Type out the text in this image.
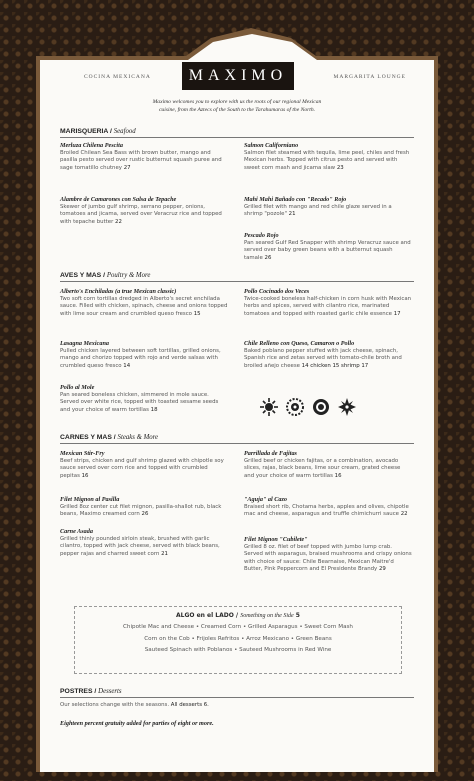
COCINA MEXICANA	MAXIMO	MARGARITA LOUNGE
Maximo welcomes you to explore with us the roots of our regional Mexican
cuisine, from the Aztecs of the South to the Tarahumaras of the North.
MARISQUERIA / Seafood
Merluza Chilena Pescita
Broiled Chilean Sea Bass with brown butter, mango and pasilla pesto served over rustic butternut squash puree and sage tomatillo chutney 27
Alambre de Camarones con Salsa de Tepache
Skewer of jumbo gulf shrimp, serrano pepper, onions, tomatoes and jicama, served over Veracruz rice and topped with tepache butter 22
Salmon Californiano
Salmon filet steamed with tequila, lime peel, chiles and fresh Mexican herbs. Topped with citrus pesto and served with sweet corn mash and jicama slaw 23
Mahi Mahi Bañado con "Recado" Rojo
Grilled filet with mango and red chile glaze served in a shrimp "pozole" 21
Pescado Rojo
Pan seared Gulf Red Snapper with shrimp Veracruz sauce and served over baby green beans with a butternut squash tamale 26
AVES Y MAS / Poultry & More
Alberto's Enchiladas (a true Mexican classic)
Two soft corn tortillas dredged in Alberto's secret enchilada sauce. Filled with chicken, spinach, cheese and onions topped with lime sour cream and crumbled queso fresco 15
Lasagna Mexicana
Pulled chicken layered between soft tortillas, grilled onions, mango and chorizo topped with rojo and verde salsas with crumbled queso fresco 14
Pollo al Mole
Pan seared boneless chicken, simmered in mole sauce. Served over white rice, topped with toasted sesame seeds and your choice of warm tortillas 18
Pollo Cocinado dos Veces
Twice-cooked boneless half-chicken in corn husk with Mexican herbs and spices, served with cilantro rice, marinated tomatoes and topped with roasted garlic chile essence 17
Chile Relleno con Queso, Camaron o Pollo
Baked poblano pepper stuffed with jack cheese, spinach, Spanish rice and zetas served with tomato-chile broth and broiled añejo cheese 14 chicken 15 shrimp 17
CARNES Y MAS / Steaks & More
Mexican Stir-Fry
Beef strips, chicken and gulf shrimp glazed with chipotle soy sauce served over corn rice and topped with crumbled pepitas 16
Filet Mignon al Pasilla
Grilled 8oz center cut filet mignon, pasilla-shallot rub, black beans, Maximo creamed corn 26
Carne Asada
Grilled thinly pounded sirloin steak, brushed with garlic cilantro, topped with jack cheese, served with black beans, pepper rajas and charred sweet corn 21
Parrillada de Fajitas
Grilled beef or chicken fajitas, or a combination, avocado slices, rajas, black beans, lime sour cream, grated cheese and your choice of warm tortillas 16
"Aguja" al Cazo
Braised short rib, Chotama herbs, apples and olives, chipotle mac and cheese, asparagus and truffle chimichurri sauce 22
Filet Mignon "Cubilete"
Grilled 8 oz. filet of beef topped with jumbo lump crab. Served with asparagus, braised mushrooms and crispy onions with choice of sauce: Chile Bearnaise, Mexican Maitre'd Butter, Pink Peppercorn and El Presidente Brandy 29
ALGO en el LADO / Something on the Side 5
Chipotle Mac and Cheese • Creamed Corn • Grilled Asparagus • Sweet Corn Mash
Corn on the Cob • Frijoles Refritos • Arroz Mexicano • Green Beans
Sauteed Spinach with Poblanos • Sauteed Mushrooms in Red Wine
POSTRES / Desserts
Our selections change with the seasons. All desserts 6.
Eighteen percent gratuity added for parties of eight or more.
